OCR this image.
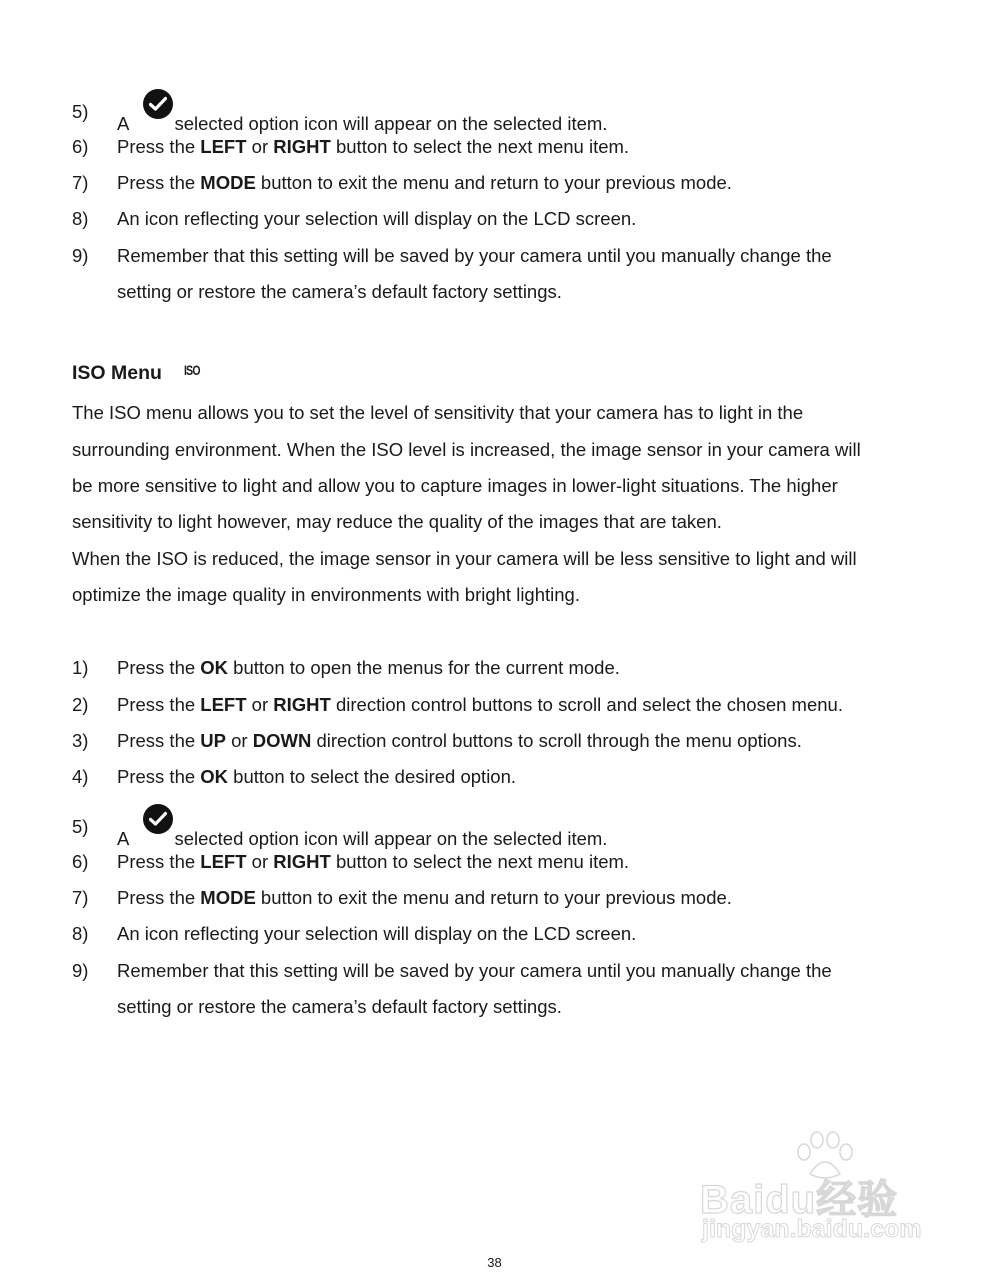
5)
A
selected option icon will appear on the selected item.
6) Press the LEFT or RIGHT button to select the next menu item.
7) Press the MODE button to exit the menu and return to your previous mode.
8) An icon reflecting your selection will display on the LCD screen.
9) Remember that this setting will be saved by your camera until you manually change the
setting or restore the camera’s default factory settings.
ISO Menu ISO
The ISO menu allows you to set the level of sensitivity that your camera has to light in the
surrounding environment. When the ISO level is increased, the image sensor in your camera will
be more sensitive to light and allow you to capture images in lower-light situations. The higher
sensitivity to light however, may reduce the quality of the images that are taken.
When the ISO is reduced, the image sensor in your camera will be less sensitive to light and will
optimize the image quality in environments with bright lighting.
1) Press the OK button to open the menus for the current mode.
2) Press the LEFT or RIGHT direction control buttons to scroll and select the chosen menu.
3) Press the UP or DOWN direction control buttons to scroll through the menu options.
4) Press the OK button to select the desired option.
5)
A
selected option icon will appear on the selected item.
6) Press the LEFT or RIGHT button to select the next menu item.
7) Press the MODE button to exit the menu and return to your previous mode.
8) An icon reflecting your selection will display on the LCD screen.
9) Remember that this setting will be saved by your camera until you manually change the
setting or restore the camera’s default factory settings.
38
Baidu经验
jingyan.baidu.com
